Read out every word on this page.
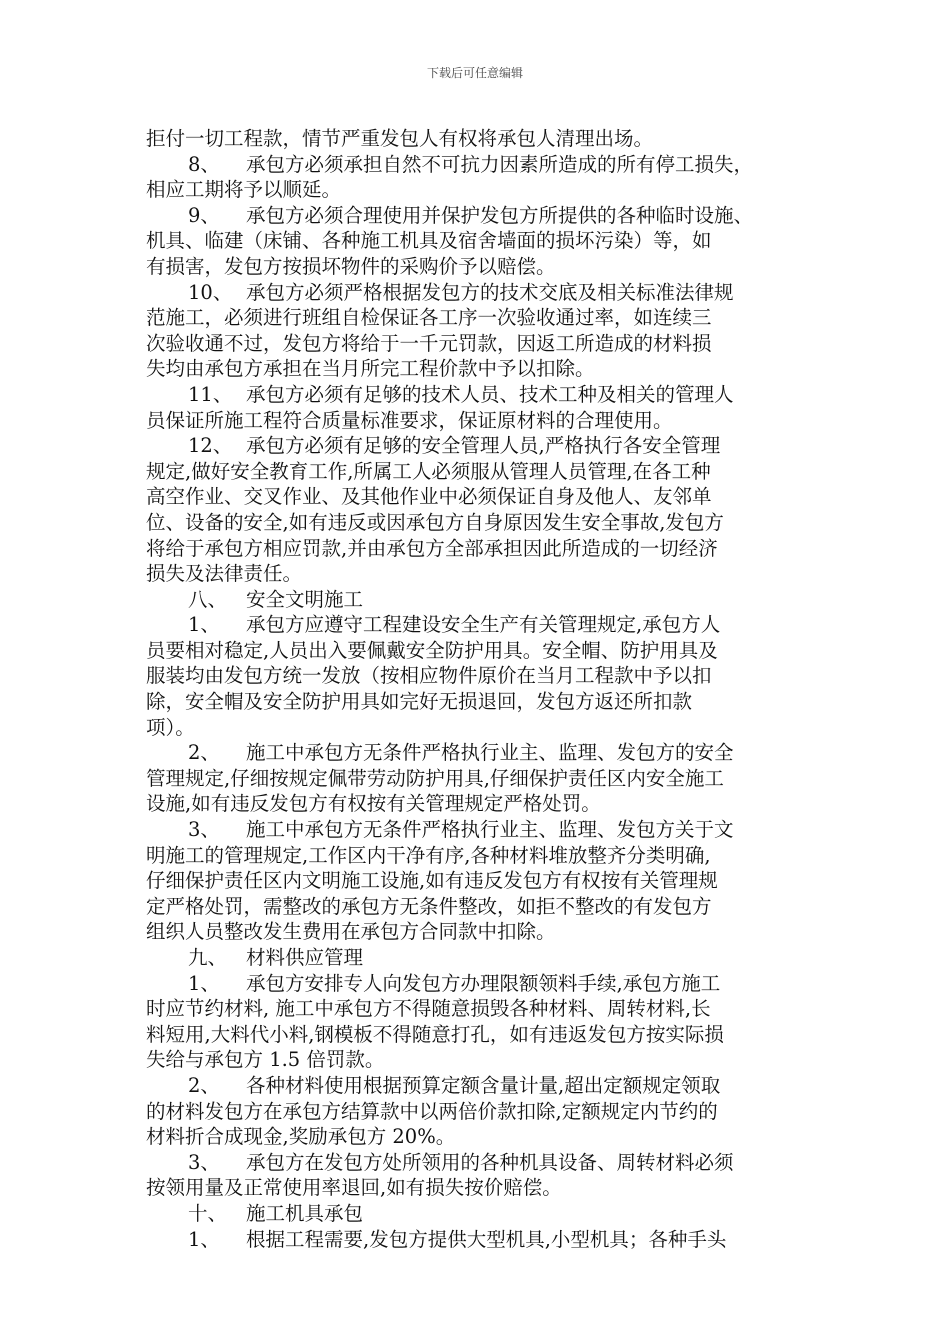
下载后可任意编辑
拒付一切工程款，情节严重发包人有权将承包人清理出场。
8、 承包方必须承担自然不可抗力因素所造成的所有停工损失，
相应工期将予以顺延。
9、 承包方必须合理使用并保护发包方所提供的各种临时设施、
机具、临建（床铺、各种施工机具及宿舍墙面的损坏污染）等，如
有损害，发包方按损坏物件的采购价予以赔偿。
10、 承包方必须严格根据发包方的技术交底及相关标准法律规
范施工，必须进行班组自检保证各工序一次验收通过率，如连续三
次验收通不过，发包方将给于一千元罚款，因返工所造成的材料损
失均由承包方承担在当月所完工程价款中予以扣除。
11、 承包方必须有足够的技术人员、技术工种及相关的管理人
员保证所施工程符合质量标准要求，保证原材料的合理使用。
12、 承包方必须有足够的安全管理人员,严格执行各安全管理
规定,做好安全教育工作,所属工人必须服从管理人员管理,在各工种
高空作业、交叉作业、及其他作业中必须保证自身及他人、友邻单
位、设备的安全,如有违反或因承包方自身原因发生安全事故,发包方
将给于承包方相应罚款,并由承包方全部承担因此所造成的一切经济
损失及法律责任。
八、 安全文明施工
1、 承包方应遵守工程建设安全生产有关管理规定,承包方人
员要相对稳定,人员出入要佩戴安全防护用具。安全帽、防护用具及
服装均由发包方统一发放（按相应物件原价在当月工程款中予以扣
除，安全帽及安全防护用具如完好无损退回，发包方返还所扣款
项）。
2、 施工中承包方无条件严格执行业主、监理、发包方的安全
管理规定,仔细按规定佩带劳动防护用具,仔细保护责任区内安全施工
设施,如有违反发包方有权按有关管理规定严格处罚。
3、 施工中承包方无条件严格执行业主、监理、发包方关于文
明施工的管理规定,工作区内干净有序,各种材料堆放整齐分类明确,
仔细保护责任区内文明施工设施,如有违反发包方有权按有关管理规
定严格处罚，需整改的承包方无条件整改，如拒不整改的有发包方
组织人员整改发生费用在承包方合同款中扣除。
九、 材料供应管理
1、 承包方安排专人向发包方办理限额领料手续,承包方施工
时应节约材料, 施工中承包方不得随意损毁各种材料、周转材料,长
料短用,大料代小料,钢模板不得随意打孔，如有违返发包方按实际损
失给与承包方 1.5 倍罚款。
2、 各种材料使用根据预算定额含量计量,超出定额规定领取
的材料发包方在承包方结算款中以两倍价款扣除,定额规定内节约的
材料折合成现金,奖励承包方 20%。
3、 承包方在发包方处所领用的各种机具设备、周转材料必须
按领用量及正常使用率退回,如有损失按价赔偿。
十、 施工机具承包
1、 根据工程需要,发包方提供大型机具,小型机具；各种手头
